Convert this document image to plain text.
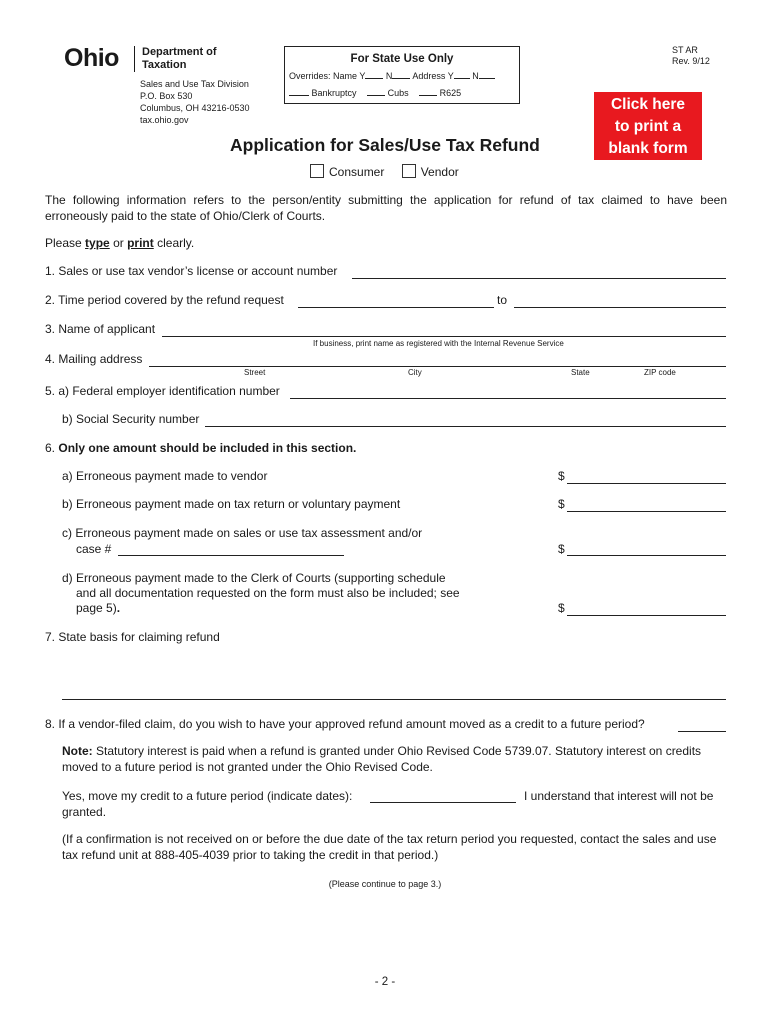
Ohio Department of
Taxation
Sales and Use Tax Division
P.O. Box 530
Columbus, OH 43216-0530
tax.ohio.gov
For State Use Only
Overrides: Name Y N Address Y N
Bankruptcy	Cubs	R625
ST AR
Rev. 9/12
Click here
to print a
blank form
Application for Sales/Use Tax Refund
Consumer	Vendor
The following information refers to the person/entity submitting the application for refund of tax claimed to have been erroneously paid to the state of Ohio/Clerk of Courts.
Please type or print clearly.
1. Sales or use tax vendor’s license or account number
2. Time period covered by the refund request	to
3. Name of applicant
If business, print name as registered with the Internal Revenue Service
4. Mailing address
Street	City	State	ZIP code
5. a) Federal employer identification number
b) Social Security number
6. Only one amount should be included in this section.
a) Erroneous payment made to vendor	$
b) Erroneous payment made on tax return or voluntary payment	$
c) Erroneous payment made on sales or use tax assessment and/or
case #	$
d) Erroneous payment made to the Clerk of Courts (supporting schedule
and all documentation requested on the form must also be included; see
page 5).	$
7. State basis for claiming refund
8. If a vendor-filed claim, do you wish to have your approved refund amount moved as a credit to a future period?
Note: Statutory interest is paid when a refund is granted under Ohio Revised Code 5739.07. Statutory interest on credits moved to a future period is not granted under the Ohio Revised Code.
Yes, move my credit to a future period (indicate dates):	I understand that interest will not be
granted.
(If a confirmation is not received on or before the due date of the tax return period you requested, contact the sales and use tax refund unit at 888-405-4039 prior to taking the credit in that period.)
(Please continue to page 3.)
- 2 -
